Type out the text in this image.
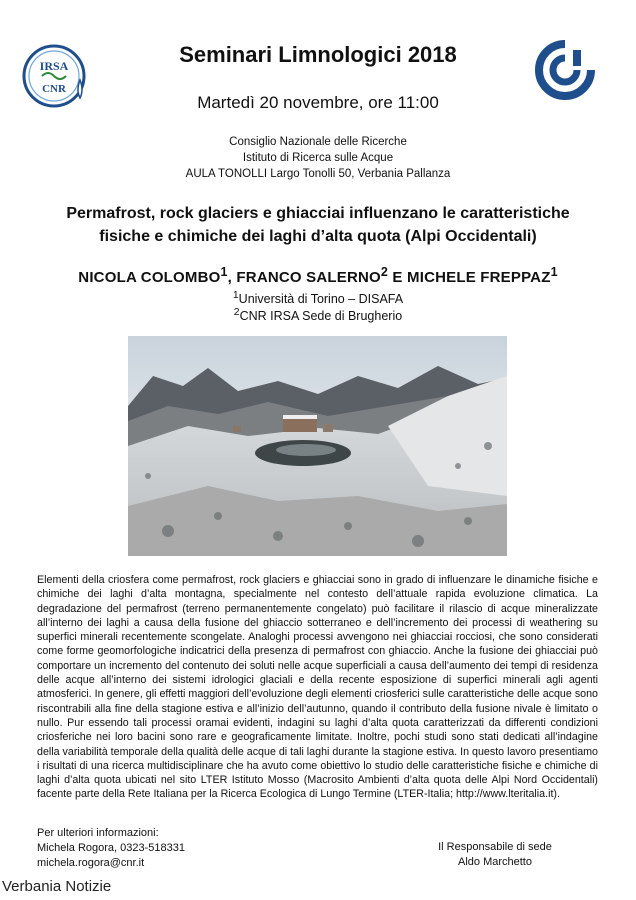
IRSA
CNR
Seminari Limnologici 2018
Martedì 20 novembre, ore 11:00
Consiglio Nazionale delle Ricerche
Istituto di Ricerca sulle Acque
AULA TONOLLI Largo Tonolli 50, Verbania Pallanza
Permafrost, rock glaciers e ghiacciai influenzano le caratteristiche
fisiche e chimiche dei laghi d’alta quota (Alpi Occidentali)
NICOLA COLOMBO$^1$, FRANCO SALERNO$^2$ E MICHELE FREPPAZ$^1$
$^1$Università di Torino – DISAFA
$^2$CNR IRSA Sede di Brugherio
Elementi della criosfera come permafrost, rock glaciers e ghiacciai sono in grado di influenzare le dinamiche fisiche e chimiche dei laghi d’alta montagna, specialmente nel contesto dell’attuale rapida evoluzione climatica. La degradazione del permafrost (terreno permanentemente congelato) può facilitare il rilascio di acque mineralizzate all’interno dei laghi a causa della fusione del ghiaccio sotterraneo e dell’incremento dei processi di weathering su superfici minerali recentemente scongelate. Analoghi processi avvengono nei ghiacciai rocciosi, che sono considerati come forme geomorfologiche indicatrici della presenza di permafrost con ghiaccio. Anche la fusione dei ghiacciai può comportare un incremento del contenuto dei soluti nelle acque superficiali a causa dell’aumento dei tempi di residenza delle acque all’interno dei sistemi idrologici glaciali e della recente esposizione di superfici minerali agli agenti atmosferici. In genere, gli effetti maggiori dell’evoluzione degli elementi criosferici sulle caratteristiche delle acque sono riscontrabili alla fine della stagione estiva e all’inizio dell’autunno, quando il contributo della fusione nivale è limitato o nullo. Pur essendo tali processi oramai evidenti, indagini su laghi d’alta quota caratterizzati da differenti condizioni criosferiche nei loro bacini sono rare e geograficamente limitate. Inoltre, pochi studi sono stati dedicati all’indagine della variabilità temporale della qualità delle acque di tali laghi durante la stagione estiva. In questo lavoro presentiamo i risultati di una ricerca multidisciplinare che ha avuto come obiettivo lo studio delle caratteristiche fisiche e chimiche di laghi d’alta quota ubicati nel sito LTER Istituto Mosso (Macrosito Ambienti d’alta quota delle Alpi Nord Occidentali) facente parte della Rete Italiana per la Ricerca Ecologica di Lungo Termine (LTER-Italia; http://www.lteritalia.it).
Per ulteriori informazioni:
Michela Rogora, 0323-518331
michela.rogora@cnr.it
Il Responsabile di sede
Aldo Marchetto
Verbania Notizie
